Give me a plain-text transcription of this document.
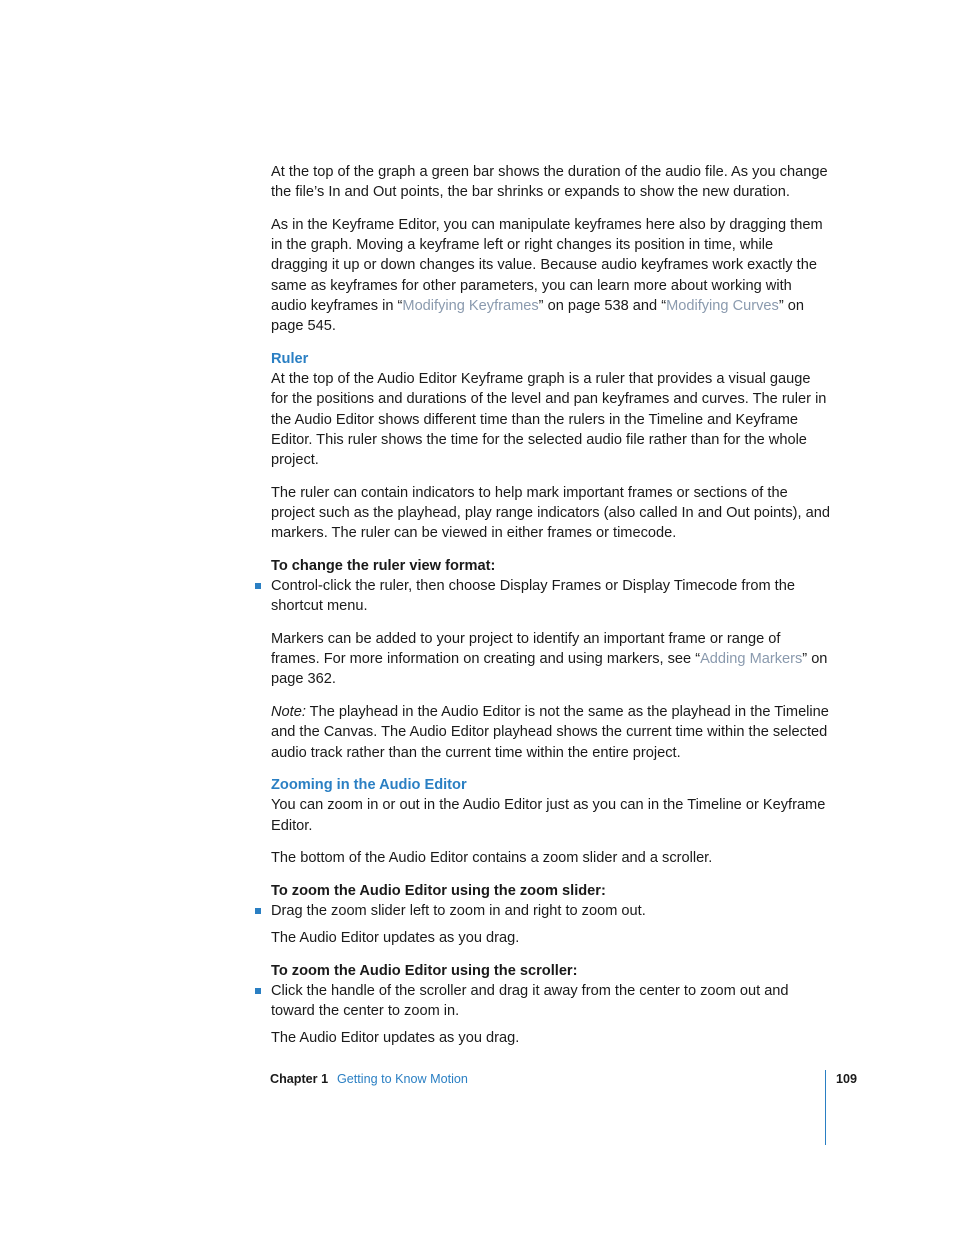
At the top of the graph a green bar shows the duration of the audio file. As you change the file’s In and Out points, the bar shrinks or expands to show the new duration.

As in the Keyframe Editor, you can manipulate keyframes here also by dragging them in the graph. Moving a keyframe left or right changes its position in time, while dragging it up or down changes its value. Because audio keyframes work exactly the same as keyframes for other parameters, you can learn more about working with audio keyframes in “Modifying Keyframes” on page 538 and “Modifying Curves” on page 545.

Ruler

At the top of the Audio Editor Keyframe graph is a ruler that provides a visual gauge for the positions and durations of the level and pan keyframes and curves. The ruler in the Audio Editor shows different time than the rulers in the Timeline and Keyframe Editor. This ruler shows the time for the selected audio file rather than for the whole project.

The ruler can contain indicators to help mark important frames or sections of the project such as the playhead, play range indicators (also called In and Out points), and markers. The ruler can be viewed in either frames or timecode.

To change the ruler view format:

Control-click the ruler, then choose Display Frames or Display Timecode from the shortcut menu.

Markers can be added to your project to identify an important frame or range of frames. For more information on creating and using markers, see “Adding Markers” on page 362.

Note: The playhead in the Audio Editor is not the same as the playhead in the Timeline and the Canvas. The Audio Editor playhead shows the current time within the selected audio track rather than the current time within the entire project.

Zooming in the Audio Editor

You can zoom in or out in the Audio Editor just as you can in the Timeline or Keyframe Editor.

The bottom of the Audio Editor contains a zoom slider and a scroller.

To zoom the Audio Editor using the zoom slider:

Drag the zoom slider left to zoom in and right to zoom out.

The Audio Editor updates as you drag.

To zoom the Audio Editor using the scroller:

Click the handle of the scroller and drag it away from the center to zoom out and toward the center to zoom in.

The Audio Editor updates as you drag.

Chapter 1 Getting to Know Motion	109
